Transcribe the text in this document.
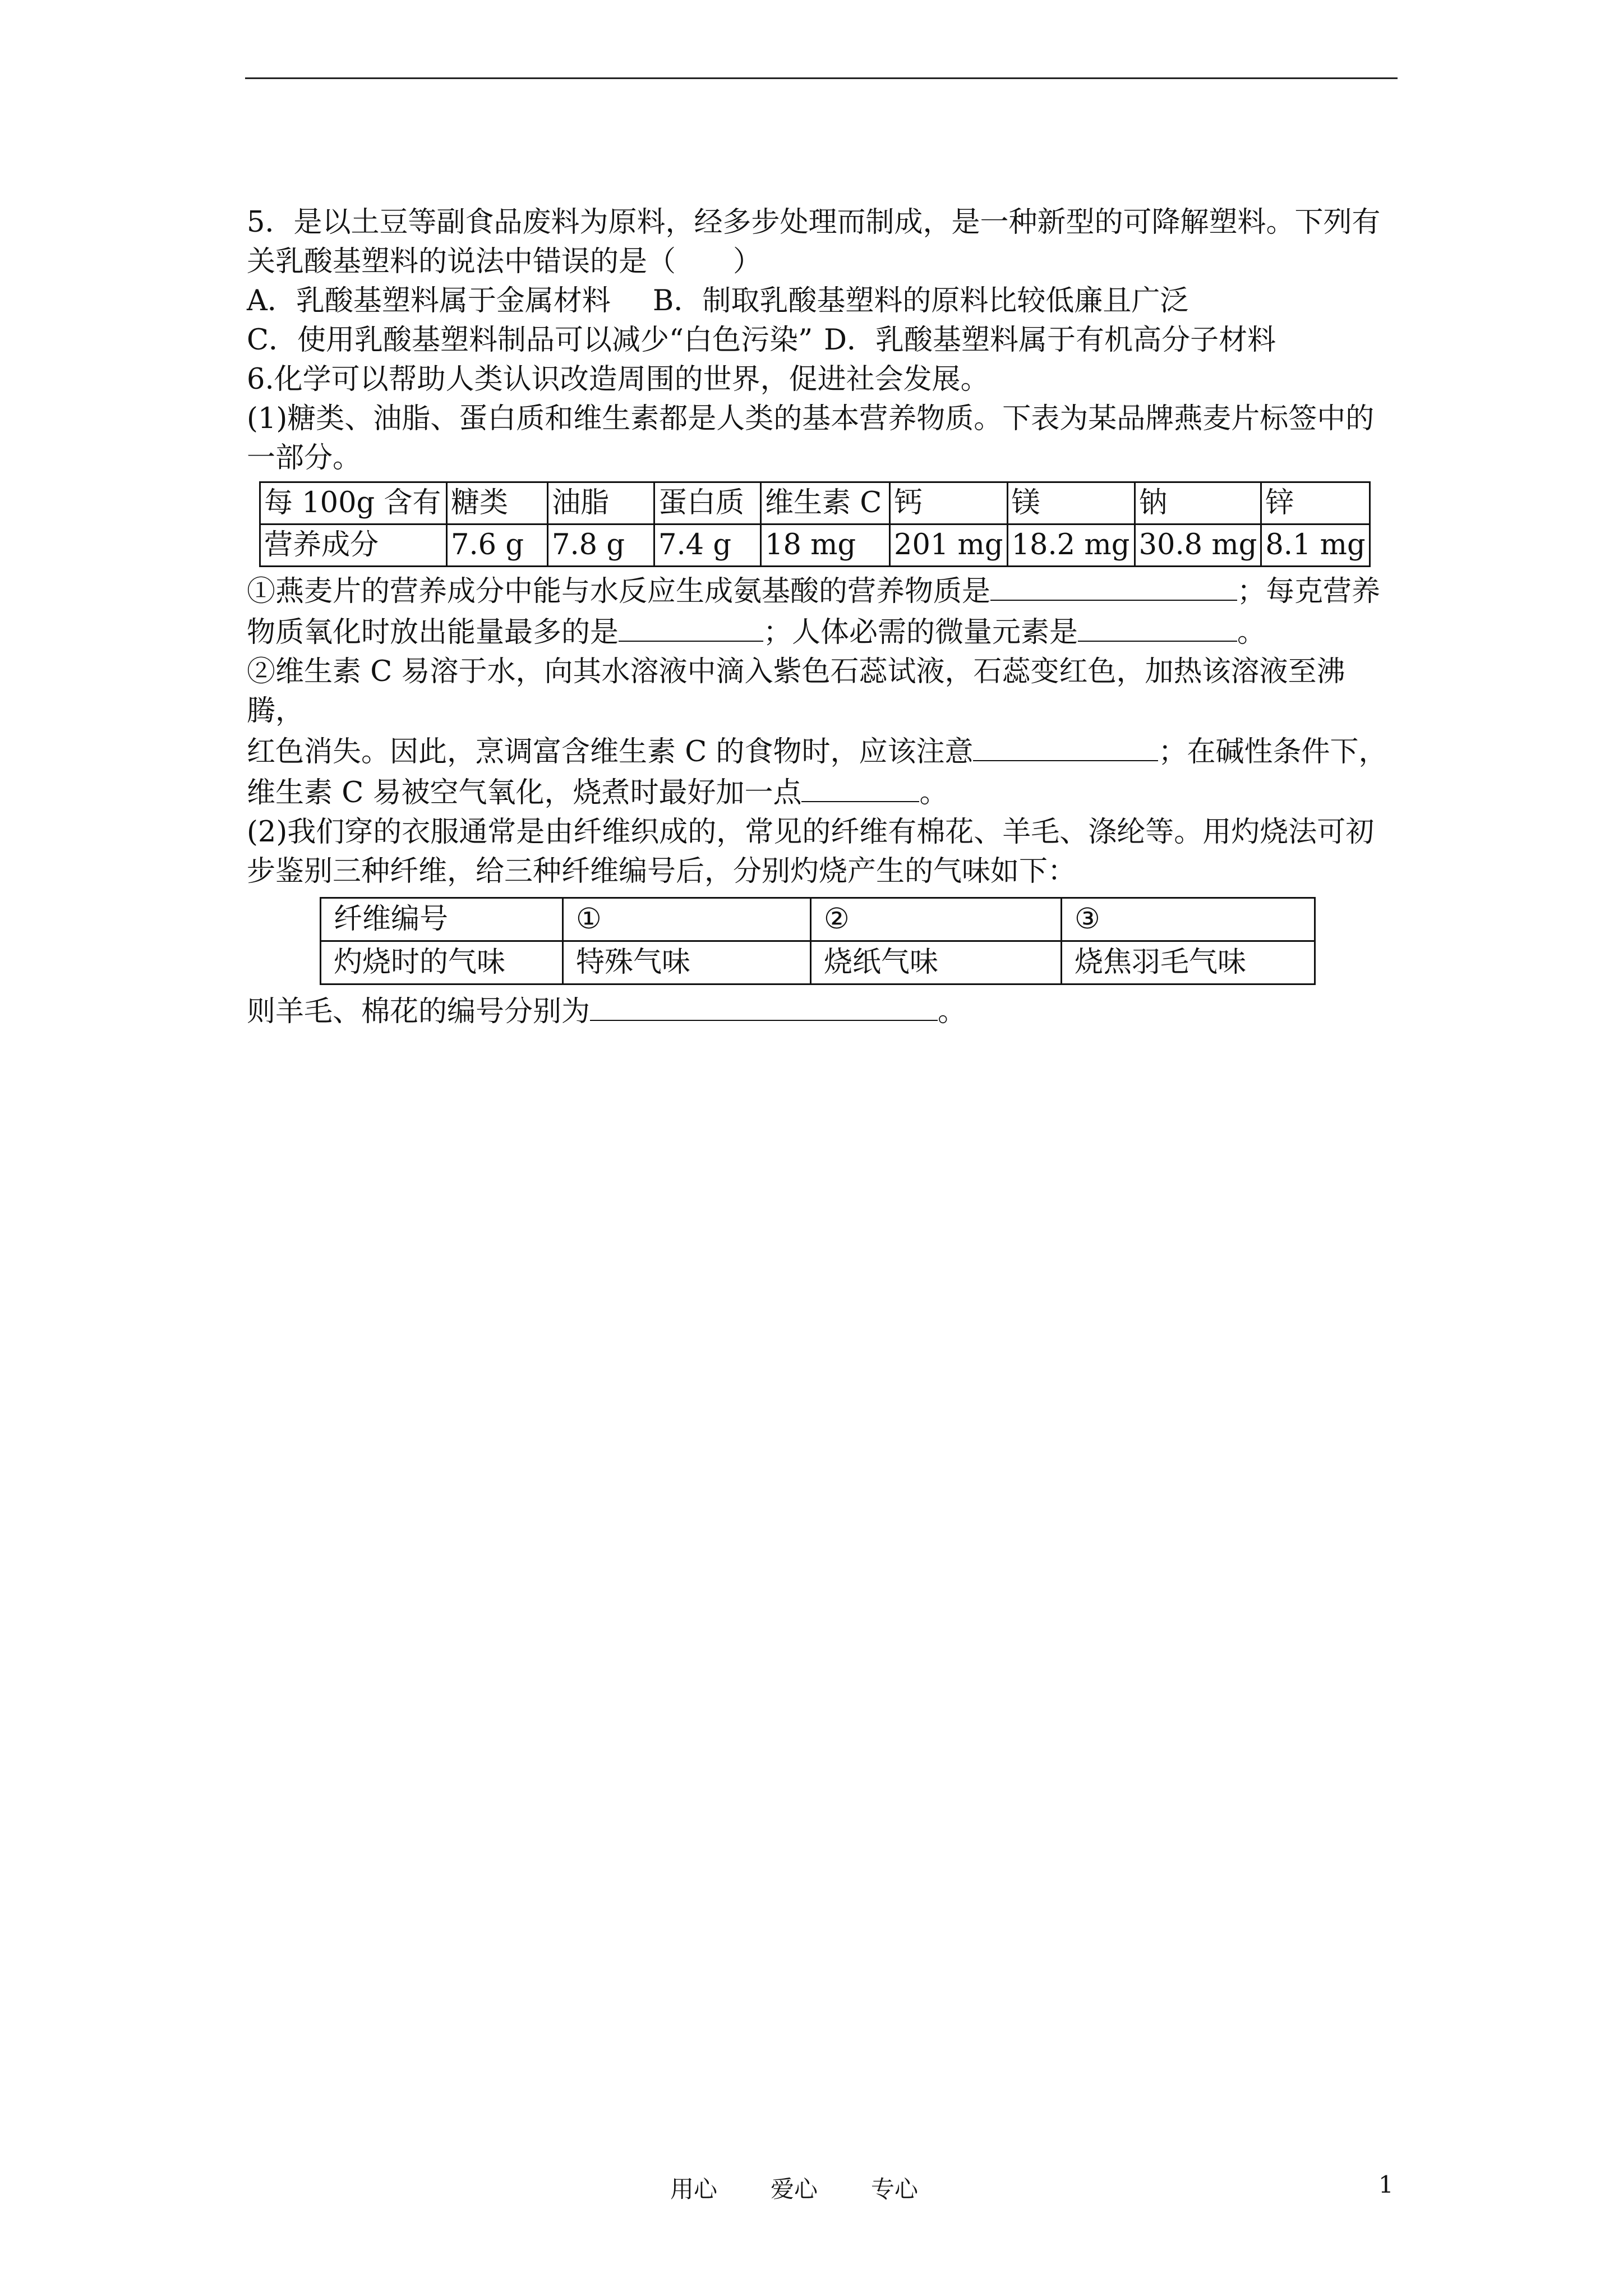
5．是以土豆等副食品废料为原料，经多步处理而制成，是一种新型的可降解塑料。下列有

关乳酸基塑料的说法中错误的是（　　）

A．乳酸基塑料属于金属材料 B．制取乳酸基塑料的原料比较低廉且广泛

C．使用乳酸基塑料制品可以减少“白色污染” D．乳酸基塑料属于有机高分子材料

6.化学可以帮助人类认识改造周围的世界，促进社会发展。

(1)糖类、油脂、蛋白质和维生素都是人类的基本营养物质。下表为某品牌燕麦片标签中的

一部分。

每 100g 含有	糖类	油脂	蛋白质	维生素 C	钙	镁	钠	锌
营养成分	7.6 g	7.8 g	7.4 g	18 mg	201 mg	18.2 mg	30.8 mg	8.1 mg

①燕麦片的营养成分中能与水反应生成氨基酸的营养物质是	；每克营养

物质氧化时放出能量最多的是	；人体必需的微量元素是	。

②维生素 C 易溶于水，向其水溶液中滴入紫色石蕊试液，石蕊变红色，加热该溶液至沸腾，

红色消失。因此，烹调富含维生素 C 的食物时，应该注意	；在碱性条件下，

维生素 C 易被空气氧化，烧煮时最好加一点	。

(2)我们穿的衣服通常是由纤维织成的，常见的纤维有棉花、羊毛、涤纶等。用灼烧法可初

步鉴别三种纤维，给三种纤维编号后，分别灼烧产生的气味如下：

纤维编号	①	②	③
灼烧时的气味	特殊气味	烧纸气味	烧焦羽毛气味

则羊毛、棉花的编号分别为	。

用心 爱心 专心	1
